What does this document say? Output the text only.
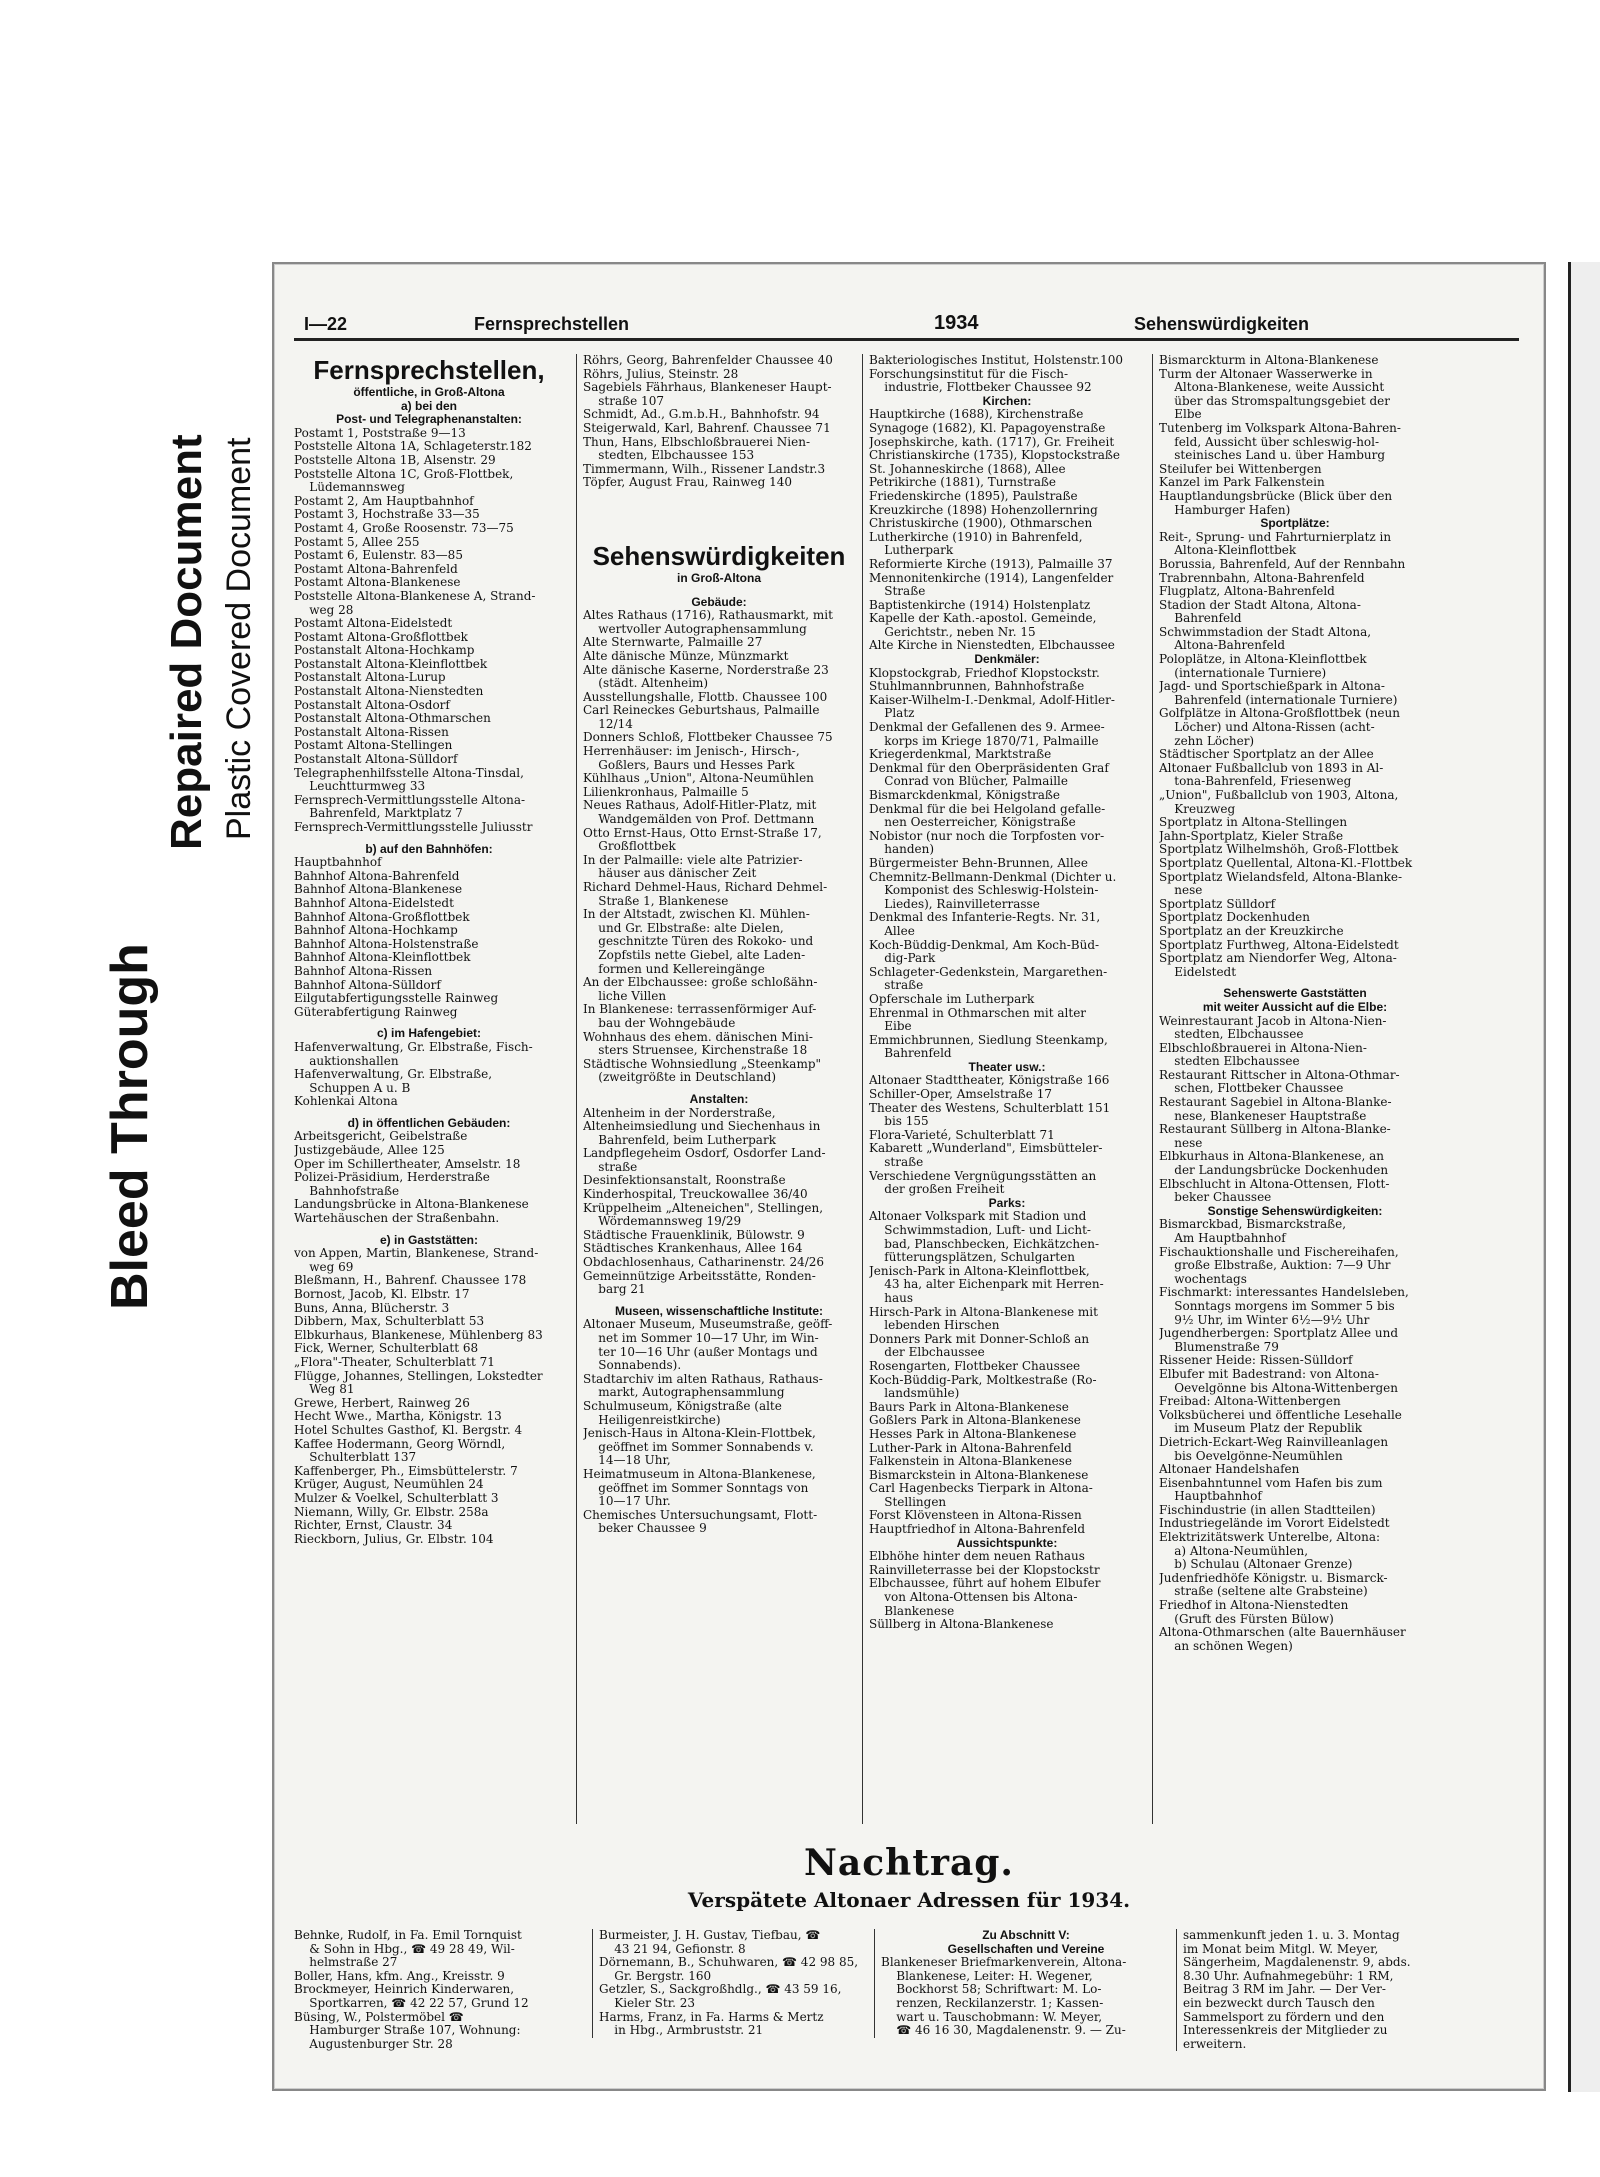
Bleed Through
Repaired Document Plastic Covered Document
I—22	Fernsprechstellen	1934	Sehenswürdigkeiten
Fernsprechstellen,
öffentliche, in Groß-Altona
a) bei den
Post- und Telegraphenanstalten:
Postamt 1, Poststraße 9—13
Poststelle Altona 1A, Schlageterstr.182
Poststelle Altona 1B, Alsenstr. 29
Poststelle Altona 1C, Groß-Flottbek,
Lüdemannsweg
Postamt 2, Am Hauptbahnhof
Postamt 3, Hochstraße 33—35
Postamt 4, Große Roosenstr. 73—75
Postamt 5, Allee 255
Postamt 6, Eulenstr. 83—85
Postamt Altona-Bahrenfeld
Postamt Altona-Blankenese
Poststelle Altona-Blankenese A, Strand-
weg 28
Postamt Altona-Eidelstedt
Postamt Altona-Großflottbek
Postanstalt Altona-Hochkamp
Postanstalt Altona-Kleinflottbek
Postanstalt Altona-Lurup
Postanstalt Altona-Nienstedten
Postanstalt Altona-Osdorf
Postanstalt Altona-Othmarschen
Postanstalt Altona-Rissen
Postamt Altona-Stellingen
Postanstalt Altona-Sülldorf
Telegraphenhilfsstelle Altona-Tinsdal,
Leuchtturmweg 33
Fernsprech-Vermittlungsstelle Altona-
Bahrenfeld, Marktplatz 7
Fernsprech-Vermittlungsstelle Juliusstr
b) auf den Bahnhöfen:
Hauptbahnhof
Bahnhof Altona-Bahrenfeld
Bahnhof Altona-Blankenese
Bahnhof Altona-Eidelstedt
Bahnhof Altona-Großflottbek
Bahnhof Altona-Hochkamp
Bahnhof Altona-Holstenstraße
Bahnhof Altona-Kleinflottbek
Bahnhof Altona-Rissen
Bahnhof Altona-Sülldorf
Eilgutabfertigungsstelle Rainweg
Güterabfertigung Rainweg
c) im Hafengebiet:
Hafenverwaltung, Gr. Elbstraße, Fisch-
auktionshallen
Hafenverwaltung, Gr. Elbstraße,
Schuppen A u. B
Kohlenkai Altona
d) in öffentlichen Gebäuden:
Arbeitsgericht, Geibelstraße
Justizgebäude, Allee 125
Oper im Schillertheater, Amselstr. 18
Polizei-Präsidium, Herderstraße
Bahnhofstraße
Landungsbrücke in Altona-Blankenese
Wartehäuschen der Straßenbahn.
e) in Gaststätten:
von Appen, Martin, Blankenese, Strand-
weg 69
Bleßmann, H., Bahrenf. Chaussee 178
Bornost, Jacob, Kl. Elbstr. 17
Buns, Anna, Blücherstr. 3
Dibbern, Max, Schulterblatt 53
Elbkurhaus, Blankenese, Mühlenberg 83
Fick, Werner, Schulterblatt 68
„Flora"-Theater, Schulterblatt 71
Flügge, Johannes, Stellingen, Lokstedter
Weg 81
Grewe, Herbert, Rainweg 26
Hecht Wwe., Martha, Königstr. 13
Hotel Schultes Gasthof, Kl. Bergstr. 4
Kaffee Hodermann, Georg Wörndl,
Schulterblatt 137
Kaffenberger, Ph., Eimsbüttelerstr. 7
Krüger, August, Neumühlen 24
Mulzer & Voelkel, Schulterblatt 3
Niemann, Willy, Gr. Elbstr. 258a
Richter, Ernst, Claustr. 34
Rieckborn, Julius, Gr. Elbstr. 104
Röhrs, Georg, Bahrenfelder Chaussee 40
Röhrs, Julius, Steinstr. 28
Sagebiels Fährhaus, Blankeneser Haupt-
straße 107
Schmidt, Ad., G.m.b.H., Bahnhofstr. 94
Steigerwald, Karl, Bahrenf. Chaussee 71
Thun, Hans, Elbschloßbrauerei Nien-
stedten, Elbchaussee 153
Timmermann, Wilh., Rissener Landstr.3
Töpfer, August Frau, Rainweg 140
Sehenswürdigkeiten
in Groß-Altona
Gebäude:
Altes Rathaus (1716), Rathausmarkt, mit
wertvoller Autographensammlung
Alte Sternwarte, Palmaille 27
Alte dänische Münze, Münzmarkt
Alte dänische Kaserne, Norderstraße 23
(städt. Altenheim)
Ausstellungshalle, Flottb. Chaussee 100
Carl Reineckes Geburtshaus, Palmaille
12/14
Donners Schloß, Flottbeker Chaussee 75
Herrenhäuser: im Jenisch-, Hirsch-,
Goßlers, Baurs und Hesses Park
Kühlhaus „Union", Altona-Neumühlen
Lilienkronhaus, Palmaille 5
Neues Rathaus, Adolf-Hitler-Platz, mit
Wandgemälden von Prof. Dettmann
Otto Ernst-Haus, Otto Ernst-Straße 17,
Großflottbek
In der Palmaille: viele alte Patrizier-
häuser aus dänischer Zeit
Richard Dehmel-Haus, Richard Dehmel-
Straße 1, Blankenese
In der Altstadt, zwischen Kl. Mühlen-
und Gr. Elbstraße: alte Dielen,
geschnitzte Türen des Rokoko- und
Zopfstils nette Giebel, alte Laden-
formen und Kellereingänge
An der Elbchaussee: große schloßähn-
liche Villen
In Blankenese: terrassenförmiger Auf-
bau der Wohngebäude
Wohnhaus des ehem. dänischen Mini-
sters Struensee, Kirchenstraße 18
Städtische Wohnsiedlung „Steenkamp"
(zweitgrößte in Deutschland)
Anstalten:
Altenheim in der Norderstraße,
Altenheimsiedlung und Siechenhaus in
Bahrenfeld, beim Lutherpark
Landpflegeheim Osdorf, Osdorfer Land-
straße
Desinfektionsanstalt, Roonstraße
Kinderhospital, Treuckowallee 36/40
Krüppelheim „Alteneichen", Stellingen,
Wördemannsweg 19/29
Städtische Frauenklinik, Bülowstr. 9
Städtisches Krankenhaus, Allee 164
Obdachlosenhaus, Catharinenstr. 24/26
Gemeinnützige Arbeitsstätte, Ronden-
barg 21
Museen, wissenschaftliche Institute:
Altonaer Museum, Museumstraße, geöff-
net im Sommer 10—17 Uhr, im Win-
ter 10—16 Uhr (außer Montags und
Sonnabends).
Stadtarchiv im alten Rathaus, Rathaus-
markt, Autographensammlung
Schulmuseum, Königstraße (alte
Heiligenreistkirche)
Jenisch-Haus in Altona-Klein-Flottbek,
geöffnet im Sommer Sonnabends v.
14—18 Uhr,
Heimatmuseum in Altona-Blankenese,
geöffnet im Sommer Sonntags von
10—17 Uhr.
Chemisches Untersuchungsamt, Flott-
beker Chaussee 9
Bakteriologisches Institut, Holstenstr.100
Forschungsinstitut für die Fisch-
industrie, Flottbeker Chaussee 92
Kirchen:
Hauptkirche (1688), Kirchenstraße
Synagoge (1682), Kl. Papagoyenstraße
Josephskirche, kath. (1717), Gr. Freiheit
Christianskirche (1735), Klopstockstraße
St. Johanneskirche (1868), Allee
Petrikirche (1881), Turnstraße
Friedenskirche (1895), Paulstraße
Kreuzkirche (1898) Hohenzollernring
Christuskirche (1900), Othmarschen
Lutherkirche (1910) in Bahrenfeld,
Lutherpark
Reformierte Kirche (1913), Palmaille 37
Mennonitenkirche (1914), Langenfelder
Straße
Baptistenkirche (1914) Holstenplatz
Kapelle der Kath.-apostol. Gemeinde,
Gerichtstr., neben Nr. 15
Alte Kirche in Nienstedten, Elbchaussee
Denkmäler:
Klopstockgrab, Friedhof Klopstockstr.
Stuhlmannbrunnen, Bahnhofstraße
Kaiser-Wilhelm-I.-Denkmal, Adolf-Hitler-
Platz
Denkmal der Gefallenen des 9. Armee-
korps im Kriege 1870/71, Palmaille
Kriegerdenkmal, Marktstraße
Denkmal für den Oberpräsidenten Graf
Conrad von Blücher, Palmaille
Bismarckdenkmal, Königstraße
Denkmal für die bei Helgoland gefalle-
nen Oesterreicher, Königstraße
Nobistor (nur noch die Torpfosten vor-
handen)
Bürgermeister Behn-Brunnen, Allee
Chemnitz-Bellmann-Denkmal (Dichter u.
Komponist des Schleswig-Holstein-
Liedes), Rainvilleterrasse
Denkmal des Infanterie-Regts. Nr. 31,
Allee
Koch-Büddig-Denkmal, Am Koch-Büd-
dig-Park
Schlageter-Gedenkstein, Margarethen-
straße
Opferschale im Lutherpark
Ehrenmal in Othmarschen mit alter
Eibe
Emmichbrunnen, Siedlung Steenkamp,
Bahrenfeld
Theater usw.:
Altonaer Stadttheater, Königstraße 166
Schiller-Oper, Amselstraße 17
Theater des Westens, Schulterblatt 151
bis 155
Flora-Varieté, Schulterblatt 71
Kabarett „Wunderland", Eimsbütteler-
straße
Verschiedene Vergnügungsstätten an
der großen Freiheit
Parks:
Altonaer Volkspark mit Stadion und
Schwimmstadion, Luft- und Licht-
bad, Planschbecken, Eichkätzchen-
fütterungsplätzen, Schulgarten
Jenisch-Park in Altona-Kleinflottbek,
43 ha, alter Eichenpark mit Herren-
haus
Hirsch-Park in Altona-Blankenese mit
lebenden Hirschen
Donners Park mit Donner-Schloß an
der Elbchaussee
Rosengarten, Flottbeker Chaussee
Koch-Büddig-Park, Moltkestraße (Ro-
landsmühle)
Baurs Park in Altona-Blankenese
Goßlers Park in Altona-Blankenese
Hesses Park in Altona-Blankenese
Luther-Park in Altona-Bahrenfeld
Falkenstein in Altona-Blankenese
Bismarckstein in Altona-Blankenese
Carl Hagenbecks Tierpark in Altona-
Stellingen
Forst Klövensteen in Altona-Rissen
Hauptfriedhof in Altona-Bahrenfeld
Aussichtspunkte:
Elbhöhe hinter dem neuen Rathaus
Rainvilleterrasse bei der Klopstockstr
Elbchaussee, führt auf hohem Elbufer
von Altona-Ottensen bis Altona-
Blankenese
Süllberg in Altona-Blankenese
Bismarckturm in Altona-Blankenese
Turm der Altonaer Wasserwerke in
Altona-Blankenese, weite Aussicht
über das Stromspaltungsgebiet der
Elbe
Tutenberg im Volkspark Altona-Bahren-
feld, Aussicht über schleswig-hol-
steinisches Land u. über Hamburg
Steilufer bei Wittenbergen
Kanzel im Park Falkenstein
Hauptlandungsbrücke (Blick über den
Hamburger Hafen)
Sportplätze:
Reit-, Sprung- und Fahrturnierplatz in
Altona-Kleinflottbek
Borussia, Bahrenfeld, Auf der Rennbahn
Trabrennbahn, Altona-Bahrenfeld
Flugplatz, Altona-Bahrenfeld
Stadion der Stadt Altona, Altona-
Bahrenfeld
Schwimmstadion der Stadt Altona,
Altona-Bahrenfeld
Poloplätze, in Altona-Kleinflottbek
(internationale Turniere)
Jagd- und Sportschießpark in Altona-
Bahrenfeld (internationale Turniere)
Golfplätze in Altona-Großflottbek (neun
Löcher) und Altona-Rissen (acht-
zehn Löcher)
Städtischer Sportplatz an der Allee
Altonaer Fußballclub von 1893 in Al-
tona-Bahrenfeld, Friesenweg
„Union", Fußballclub von 1903, Altona,
Kreuzweg
Sportplatz in Altona-Stellingen
Jahn-Sportplatz, Kieler Straße
Sportplatz Wilhelmshöh, Groß-Flottbek
Sportplatz Quellental, Altona-Kl.-Flottbek
Sportplatz Wielandsfeld, Altona-Blanke-
nese
Sportplatz Sülldorf
Sportplatz Dockenhuden
Sportplatz an der Kreuzkirche
Sportplatz Furthweg, Altona-Eidelstedt
Sportplatz am Niendorfer Weg, Altona-
Eidelstedt
Sehenswerte Gaststätten
mit weiter Aussicht auf die Elbe:
Weinrestaurant Jacob in Altona-Nien-
stedten, Elbchaussee
Elbschloßbrauerei in Altona-Nien-
stedten Elbchaussee
Restaurant Rittscher in Altona-Othmar-
schen, Flottbeker Chaussee
Restaurant Sagebiel in Altona-Blanke-
nese, Blankeneser Hauptstraße
Restaurant Süllberg in Altona-Blanke-
nese
Elbkurhaus in Altona-Blankenese, an
der Landungsbrücke Dockenhuden
Elbschlucht in Altona-Ottensen, Flott-
beker Chaussee
Sonstige Sehenswürdigkeiten:
Bismarckbad, Bismarckstraße,
Am Hauptbahnhof
Fischauktionshalle und Fischereihafen,
große Elbstraße, Auktion: 7—9 Uhr
wochentags
Fischmarkt: interessantes Handelsleben,
Sonntags morgens im Sommer 5 bis
9½ Uhr, im Winter 6½—9½ Uhr
Jugendherbergen: Sportplatz Allee und
Blumenstraße 79
Rissener Heide: Rissen-Sülldorf
Elbufer mit Badestrand: von Altona-
Oevelgönne bis Altona-Wittenbergen
Freibad: Altona-Wittenbergen
Volksbücherei und öffentliche Lesehalle
im Museum Platz der Republik
Dietrich-Eckart-Weg Rainvilleanlagen
bis Oevelgönne-Neumühlen
Altonaer Handelshafen
Eisenbahntunnel vom Hafen bis zum
Hauptbahnhof
Fischindustrie (in allen Stadtteilen)
Industriegelände im Vorort Eidelstedt
Elektrizitätswerk Unterelbe, Altona:
a) Altona-Neumühlen,
b) Schulau (Altonaer Grenze)
Judenfriedhöfe Königstr. u. Bismarck-
straße (seltene alte Grabsteine)
Friedhof in Altona-Nienstedten
(Gruft des Fürsten Bülow)
Altona-Othmarschen (alte Bauernhäuser
an schönen Wegen)
Nachtrag.
Verspätete Altonaer Adressen für 1934.
Behnke, Rudolf, in Fa. Emil Tornquist
& Sohn in Hbg., ☎ 49 28 49, Wil-
helmstraße 27
Boller, Hans, kfm. Ang., Kreisstr. 9
Brockmeyer, Heinrich Kinderwaren,
Sportkarren, ☎ 42 22 57, Grund 12
Büsing, W., Polstermöbel ☎
Hamburger Straße 107, Wohnung:
Augustenburger Str. 28
Burmeister, J. H. Gustav, Tiefbau, ☎
43 21 94, Gefionstr. 8
Dörnemann, B., Schuhwaren, ☎ 42 98 85,
Gr. Bergstr. 160
Getzler, S., Sackgroßhdlg., ☎ 43 59 16,
Kieler Str. 23
Harms, Franz, in Fa. Harms & Mertz
in Hbg., Armbruststr. 21
Zu Abschnitt V:
Gesellschaften und Vereine
Blankeneser Briefmarkenverein, Altona-
Blankenese, Leiter: H. Wegener,
Bockhorst 58; Schriftwart: M. Lo-
renzen, Reckilanzerstr. 1; Kassen-
wart u. Tauschobmann: W. Meyer,
☎ 46 16 30, Magdalenenstr. 9. — Zu-
sammenkunft jeden 1. u. 3. Montag
im Monat beim Mitgl. W. Meyer,
Sängerheim, Magdalenenstr. 9, abds.
8.30 Uhr. Aufnahmegebühr: 1 RM,
Beitrag 3 RM im Jahr. — Der Ver-
ein bezweckt durch Tausch den
Sammelsport zu fördern und den
Interessenkreis der Mitglieder zu
erweitern.
